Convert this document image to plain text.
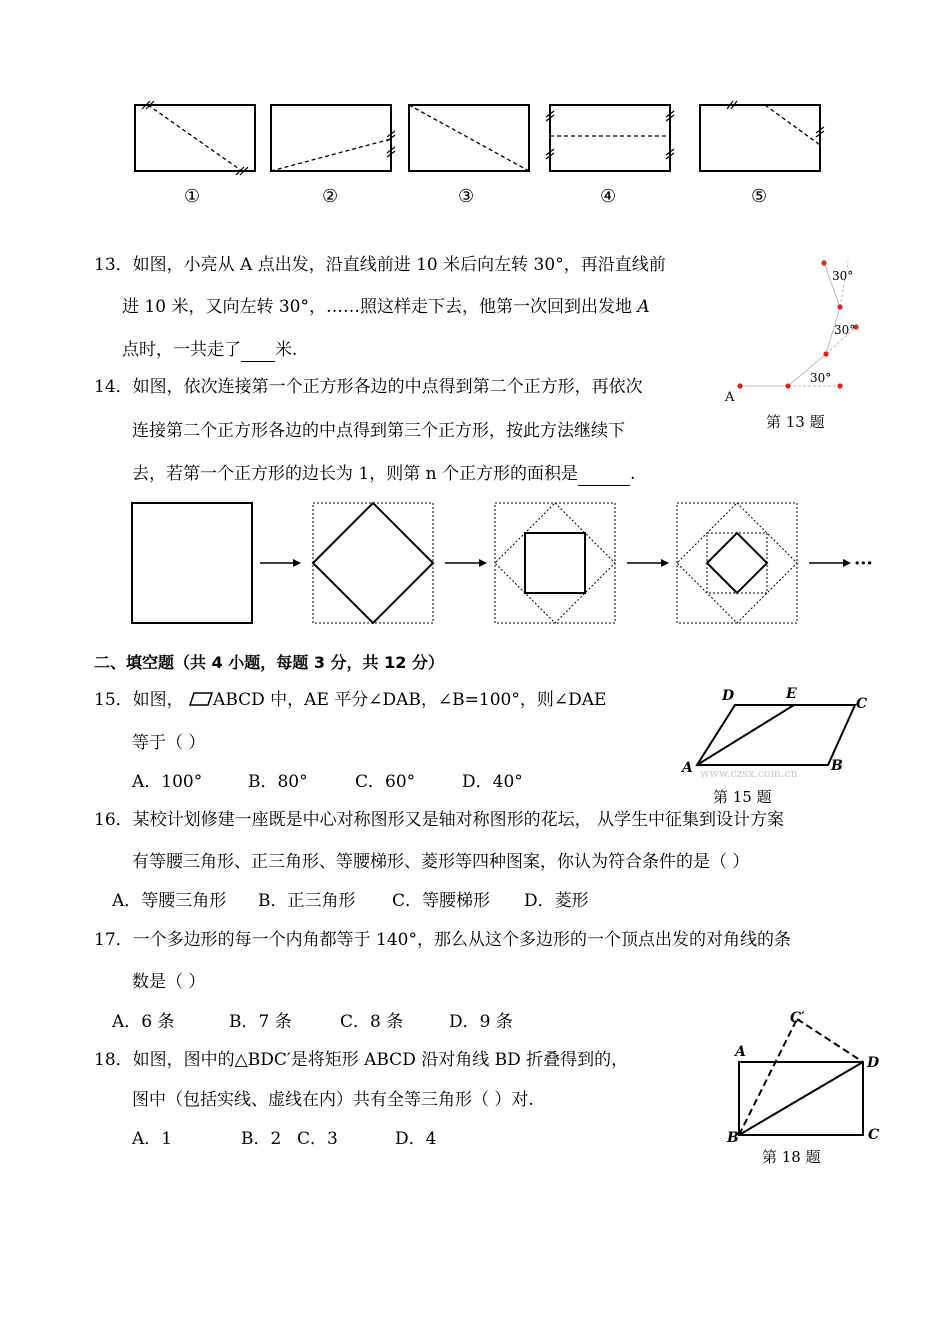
①	②	③	④	⑤
13．如图，小亮从 A 点出发，沿直线前进 10 米后向左转 30°，再沿直线前
进 10 米，又向左转 30°，……照这样走下去，他第一次回到出发地 A
点时，一共走了 米.
30°
30°
30°
A
第 13 题
14．如图，依次连接第一个正方形各边的中点得到第二个正方形，再依次
连接第二个正方形各边的中点得到第三个正方形，按此方法继续下
去，若第一个正方形的边长为 1，则第 n 个正方形的面积是	.
···
二、填空题（共 4 小题，每题 3 分，共 12 分）
15．如图， ABCD 中，AE 平分∠DAB，∠B=100°，则∠DAE
等于（ ）
A．100°	B．80°	C．60°	D．40°
D	E
C
A	B
www.czsx.com.cn
第 15 题
16．某校计划修建一座既是中心对称图形又是轴对称图形的花坛， 从学生中征集到设计方案
有等腰三角形、正三角形、等腰梯形、菱形等四种图案，你认为符合条件的是（ ）
A．等腰三角形 B．正三角形 C．等腰梯形 D．菱形
17．一个多边形的每一个内角都等于 140°，那么从这个多边形的一个顶点出发的对角线的条
数是（ ）
A．6 条	B．7 条	C．8 条	D．9 条
18．如图，图中的△BDC′是将矩形 ABCD 沿对角线 BD 折叠得到的，
图中（包括实线、虚线在内）共有全等三角形（ ）对.
A．1	B．2 C．3	D．4
C′
A
D
B	C
第 18 题
